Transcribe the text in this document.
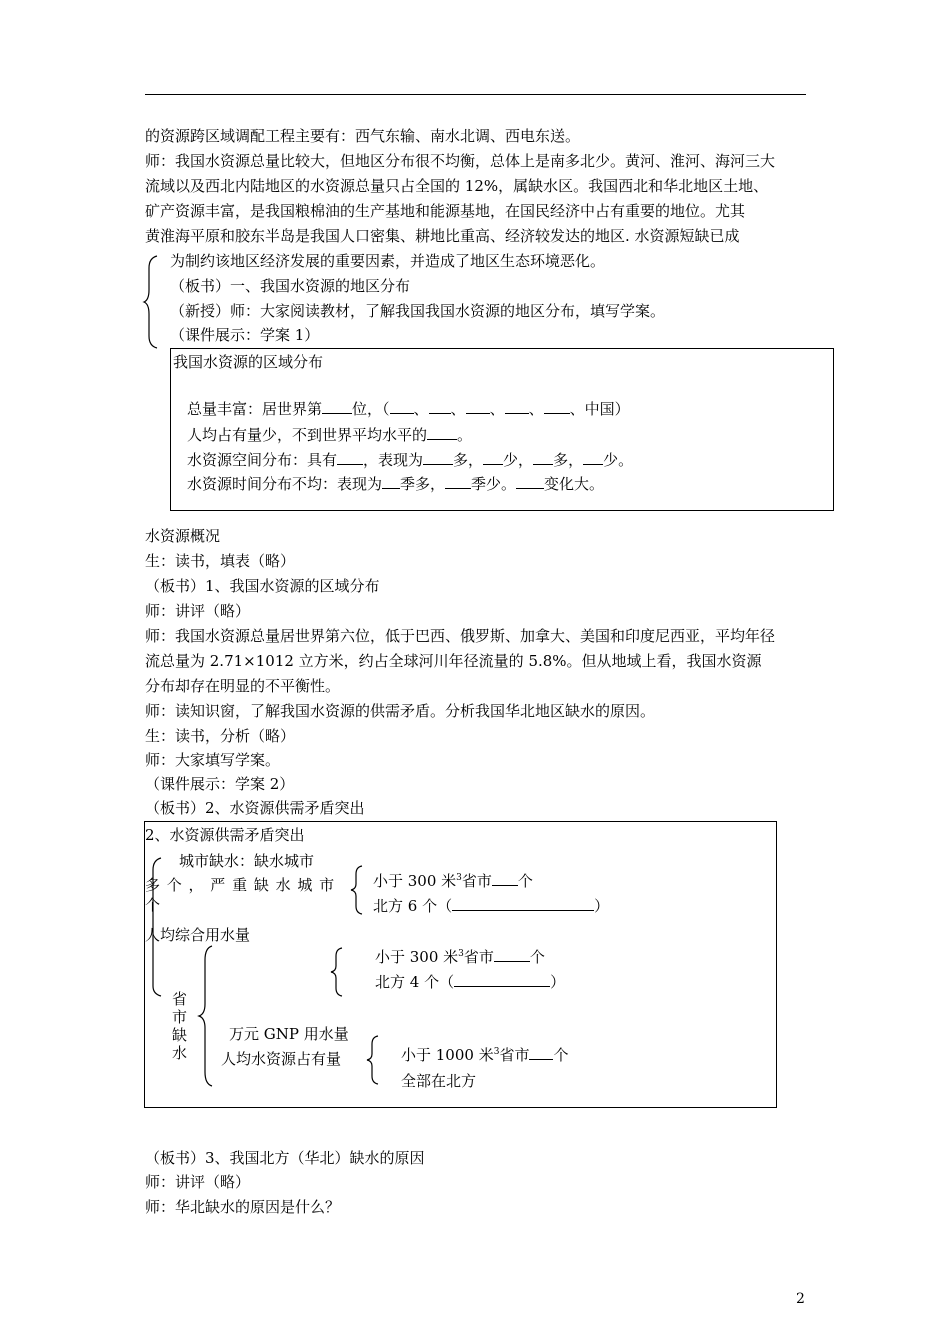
的资源跨区域调配工程主要有：西气东输、南水北调、西电东送。
师：我国水资源总量比较大，但地区分布很不均衡，总体上是南多北少。黄河、淮河、海河三大
流域以及西北内陆地区的水资源总量只占全国的 12%，属缺水区。我国西北和华北地区土地、
矿产资源丰富，是我国粮棉油的生产基地和能源基地，在国民经济中占有重要的地位。尤其
黄淮海平原和胶东半岛是我国人口密集、耕地比重高、经济较发达的地区. 水资源短缺已成
为制约该地区经济发展的重要因素，并造成了地区生态环境恶化。
（板书）一、我国水资源的地区分布
（新授）师：大家阅读教材，了解我国我国水资源的地区分布，填写学案。
（课件展示：学案 1）
我国水资源的区域分布
总量丰富：居世界第 位，（ 、 、 、 、 、中国）
人均占有量少，不到世界平均水平的 。
水资源空间分布：具有 ，表现为 多， 少， 多， 少。
水资源时间分布不均：表现为 季多， 季少。 变化大。
水资源概况
生：读书，填表（略）
（板书）1、我国水资源的区域分布
师：讲评（略）
师：我国水资源总量居世界第六位，低于巴西、俄罗斯、加拿大、美国和印度尼西亚，平均年径
流总量为 2.71×1012 立方米，约占全球河川年径流量的 5.8%。但从地域上看，我国水资源
分布却存在明显的不平衡性。
师：读知识窗，了解我国水资源的供需矛盾。分析我国华北地区缺水的原因。
生：读书，分析（略）
师：大家填写学案。
（课件展示：学案 2）
（板书）2、水资源供需矛盾突出
2、水资源供需矛盾突出
城市缺水：缺水城市
多 个 ， 严 重 缺 水 城 市
个
小于 300 米$^3$省市 个
北方 6 个（	）
人均综合用水量
省
市
缺
水
小于 300 米$^3$省市 个
北方 4 个（	）
万元 GNP 用水量
人均水资源占有量	小于 1000 米$^3$省市 个
全部在北方
（板书）3、我国北方（华北）缺水的原因
师：讲评（略）
师：华北缺水的原因是什么？
2
